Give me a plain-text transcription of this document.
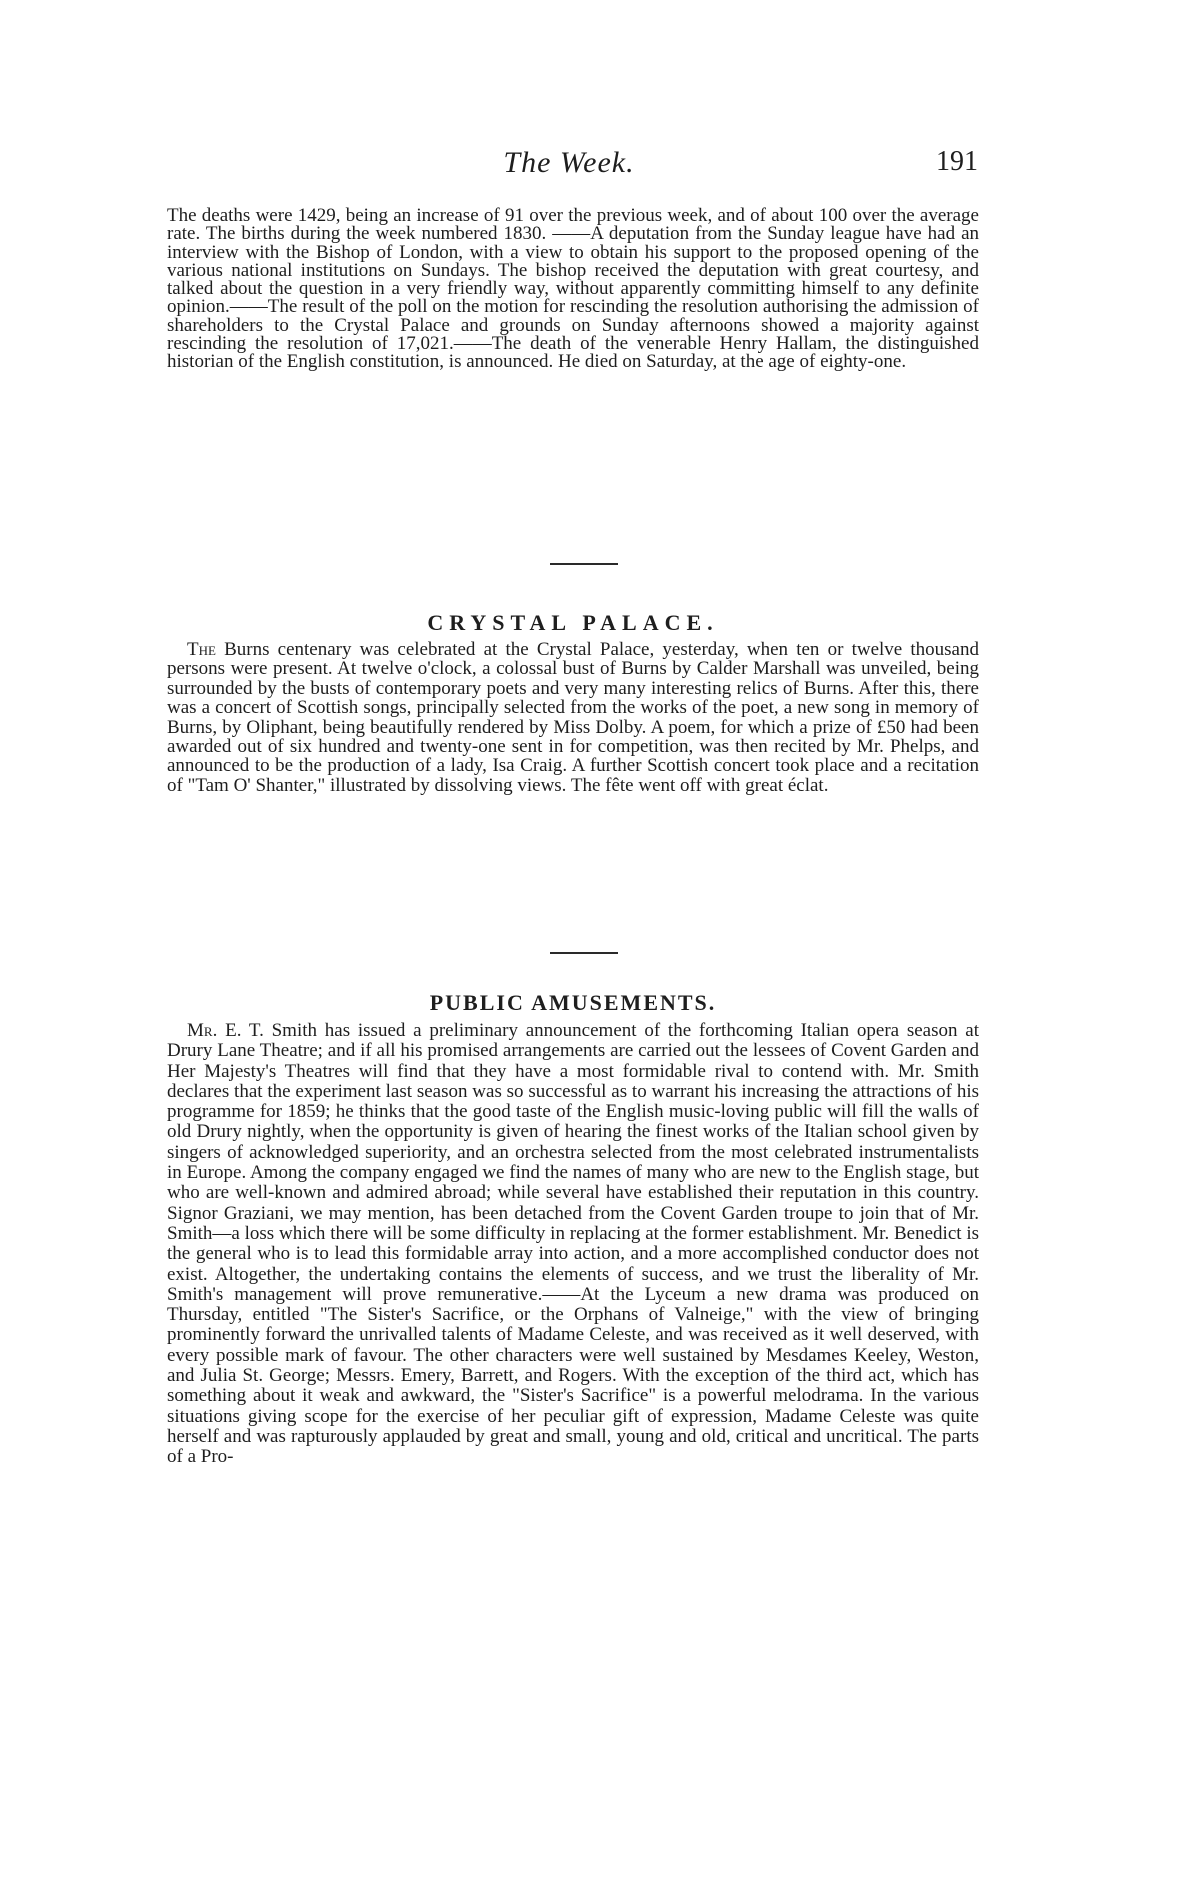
The Week.	191

The deaths were 1429, being an increase of 91 over the previous week, and of about 100 over the average rate. The births during the week numbered 1830. ——A deputation from the Sunday league have had an interview with the Bishop of London, with a view to obtain his support to the proposed opening of the various national institutions on Sundays. The bishop received the deputation with great courtesy, and talked about the question in a very friendly way, without apparently committing himself to any definite opinion.——The result of the poll on the motion for rescinding the resolution authorising the admission of shareholders to the Crystal Palace and grounds on Sunday afternoons showed a majority against rescinding the resolution of 17,021.——The death of the venerable Henry Hallam, the distinguished historian of the English constitution, is announced. He died on Saturday, at the age of eighty-one.

CRYSTAL PALACE.

The Burns centenary was celebrated at the Crystal Palace, yesterday, when ten or twelve thousand persons were present. At twelve o'clock, a colossal bust of Burns by Calder Marshall was unveiled, being surrounded by the busts of contemporary poets and very many interesting relics of Burns. After this, there was a concert of Scottish songs, principally selected from the works of the poet, a new song in memory of Burns, by Oliphant, being beautifully rendered by Miss Dolby. A poem, for which a prize of £50 had been awarded out of six hundred and twenty-one sent in for competition, was then recited by Mr. Phelps, and announced to be the production of a lady, Isa Craig. A further Scottish concert took place and a recitation of "Tam O' Shanter," illustrated by dissolving views. The fête went off with great éclat.

PUBLIC AMUSEMENTS.

Mr. E. T. Smith has issued a preliminary announcement of the forthcoming Italian opera season at Drury Lane Theatre; and if all his promised arrangements are carried out the lessees of Covent Garden and Her Majesty's Theatres will find that they have a most formidable rival to contend with. Mr. Smith declares that the experiment last season was so successful as to warrant his increasing the attractions of his programme for 1859; he thinks that the good taste of the English music-loving public will fill the walls of old Drury nightly, when the opportunity is given of hearing the finest works of the Italian school given by singers of acknowledged superiority, and an orchestra selected from the most celebrated instrumentalists in Europe. Among the company engaged we find the names of many who are new to the English stage, but who are well-known and admired abroad; while several have established their reputation in this country. Signor Graziani, we may mention, has been detached from the Covent Garden troupe to join that of Mr. Smith—a loss which there will be some difficulty in replacing at the former establishment. Mr. Benedict is the general who is to lead this formidable array into action, and a more accomplished conductor does not exist. Altogether, the undertaking contains the elements of success, and we trust the liberality of Mr. Smith's management will prove remunerative.——At the Lyceum a new drama was produced on Thursday, entitled "The Sister's Sacrifice, or the Orphans of Valneige," with the view of bringing prominently forward the unrivalled talents of Madame Celeste, and was received as it well deserved, with every possible mark of favour. The other characters were well sustained by Mesdames Keeley, Weston, and Julia St. George; Messrs. Emery, Barrett, and Rogers. With the exception of the third act, which has something about it weak and awkward, the "Sister's Sacrifice" is a powerful melodrama. In the various situations giving scope for the exercise of her peculiar gift of expression, Madame Celeste was quite herself and was rapturously applauded by great and small, young and old, critical and uncritical. The parts of a Pro-
